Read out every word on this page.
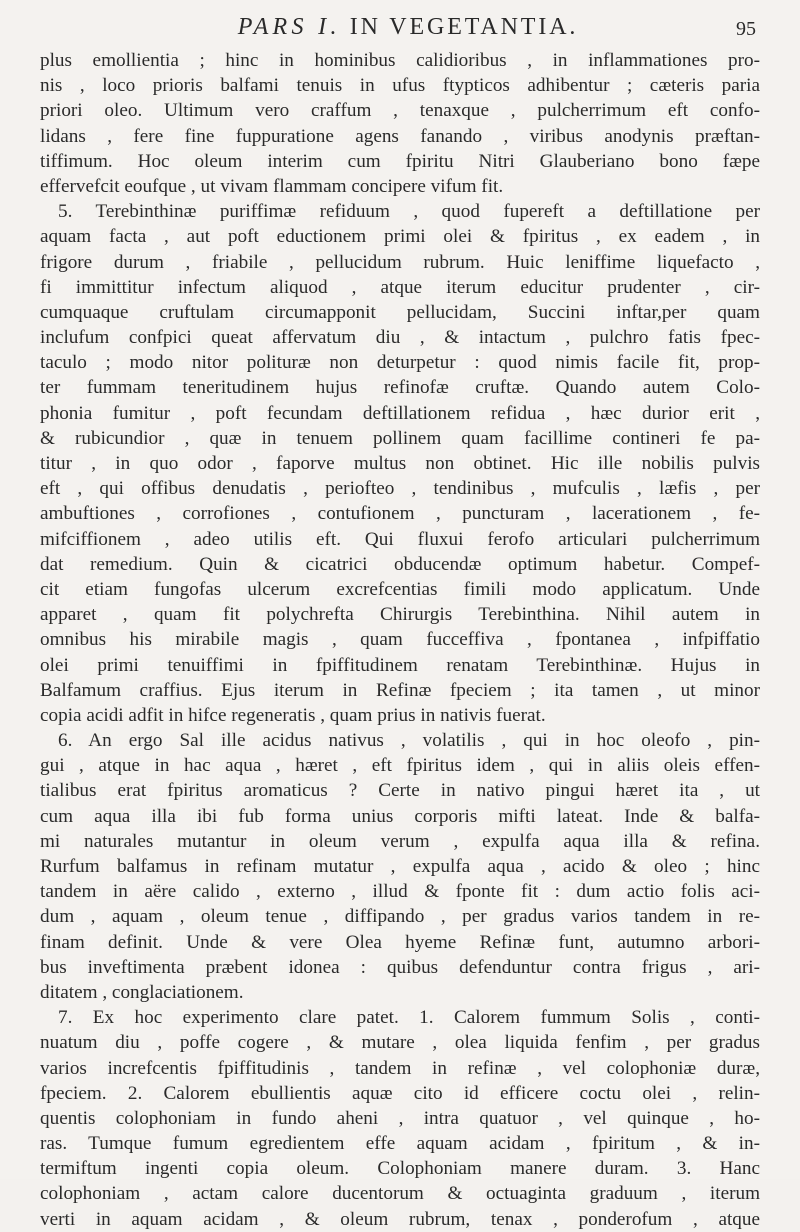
PARS I. IN VEGETANTIA.	95
plus emollientia ; hinc in hominibus calidioribus , in inflammationes pro-
nis , loco prioris balfami tenuis in ufus ftypticos adhibentur ; cæteris paria
priori oleo. Ultimum vero craffum , tenaxque , pulcherrimum eft confo-
lidans , fere fine fuppuratione agens fanando , viribus anodynis præftan-
tiffimum. Hoc oleum interim cum fpiritu Nitri Glauberiano bono fæpe
effervefcit eoufque , ut vivam flammam concipere vifum fit.
5. Terebinthinæ puriffimæ refiduum , quod fupereft a deftillatione per
aquam facta , aut poft eductionem primi olei & fpiritus , ex eadem , in
frigore durum , friabile , pellucidum rubrum. Huic leniffime liquefacto ,
fi immittitur infectum aliquod , atque iterum educitur prudenter , cir-
cumquaque cruftulam circumapponit pellucidam, Succini inftar,per quam
inclufum confpici queat affervatum diu , & intactum , pulchro fatis fpec-
taculo ; modo nitor polituræ non deturpetur : quod nimis facile fit, prop-
ter fummam teneritudinem hujus refinofæ cruftæ. Quando autem Colo-
phonia fumitur , poft fecundam deftillationem refidua , hæc durior erit ,
& rubicundior , quæ in tenuem pollinem quam facillime contineri fe pa-
titur , in quo odor , faporve multus non obtinet. Hic ille nobilis pulvis
eft , qui offibus denudatis , periofteo , tendinibus , mufculis , læfis , per
ambuftiones , corrofiones , contufionem , puncturam , lacerationem , fe-
mifciffionem , adeo utilis eft. Qui fluxui ferofo articulari pulcherrimum
dat remedium. Quin & cicatrici obducendæ optimum habetur. Compef-
cit etiam fungofas ulcerum excrefcentias fimili modo applicatum. Unde
apparet , quam fit polychrefta Chirurgis Terebinthina. Nihil autem in
omnibus his mirabile magis , quam fucceffiva , fpontanea , infpiffatio
olei primi tenuiffimi in fpiffitudinem renatam Terebinthinæ. Hujus in
Balfamum craffius. Ejus iterum in Refinæ fpeciem ; ita tamen , ut minor
copia acidi adfit in hifce regeneratis , quam prius in nativis fuerat.
6. An ergo Sal ille acidus nativus , volatilis , qui in hoc oleofo , pin-
gui , atque in hac aqua , hæret , eft fpiritus idem , qui in aliis oleis effen-
tialibus erat fpiritus aromaticus ? Certe in nativo pingui hæret ita , ut
cum aqua illa ibi fub forma unius corporis mifti lateat. Inde & balfa-
mi naturales mutantur in oleum verum , expulfa aqua illa & refina.
Rurfum balfamus in refinam mutatur , expulfa aqua , acido & oleo ; hinc
tandem in aëre calido , externo , illud & fponte fit : dum actio folis aci-
dum , aquam , oleum tenue , diffipando , per gradus varios tandem in re-
finam definit. Unde & vere Olea hyeme Refinæ funt, autumno arbori-
bus inveftimenta præbent idonea : quibus defenduntur contra frigus , ari-
ditatem , conglaciationem.
7. Ex hoc experimento clare patet. 1. Calorem fummum Solis , conti-
nuatum diu , poffe cogere , & mutare , olea liquida fenfim , per gradus
varios increfcentis fpiffitudinis , tandem in refinæ , vel colophoniæ duræ,
fpeciem. 2. Calorem ebullientis aquæ cito id efficere coctu olei , relin-
quentis colophoniam in fundo aheni , intra quatuor , vel quinque , ho-
ras. Tumque fumum egredientem effe aquam acidam , fpiritum , & in-
termiftum ingenti copia oleum. Colophoniam manere duram. 3. Hanc
colophoniam , actam calore ducentorum & octuaginta graduum , iterum
verti in aquam acidam , & oleum rubrum, tenax , ponderofum , atque
